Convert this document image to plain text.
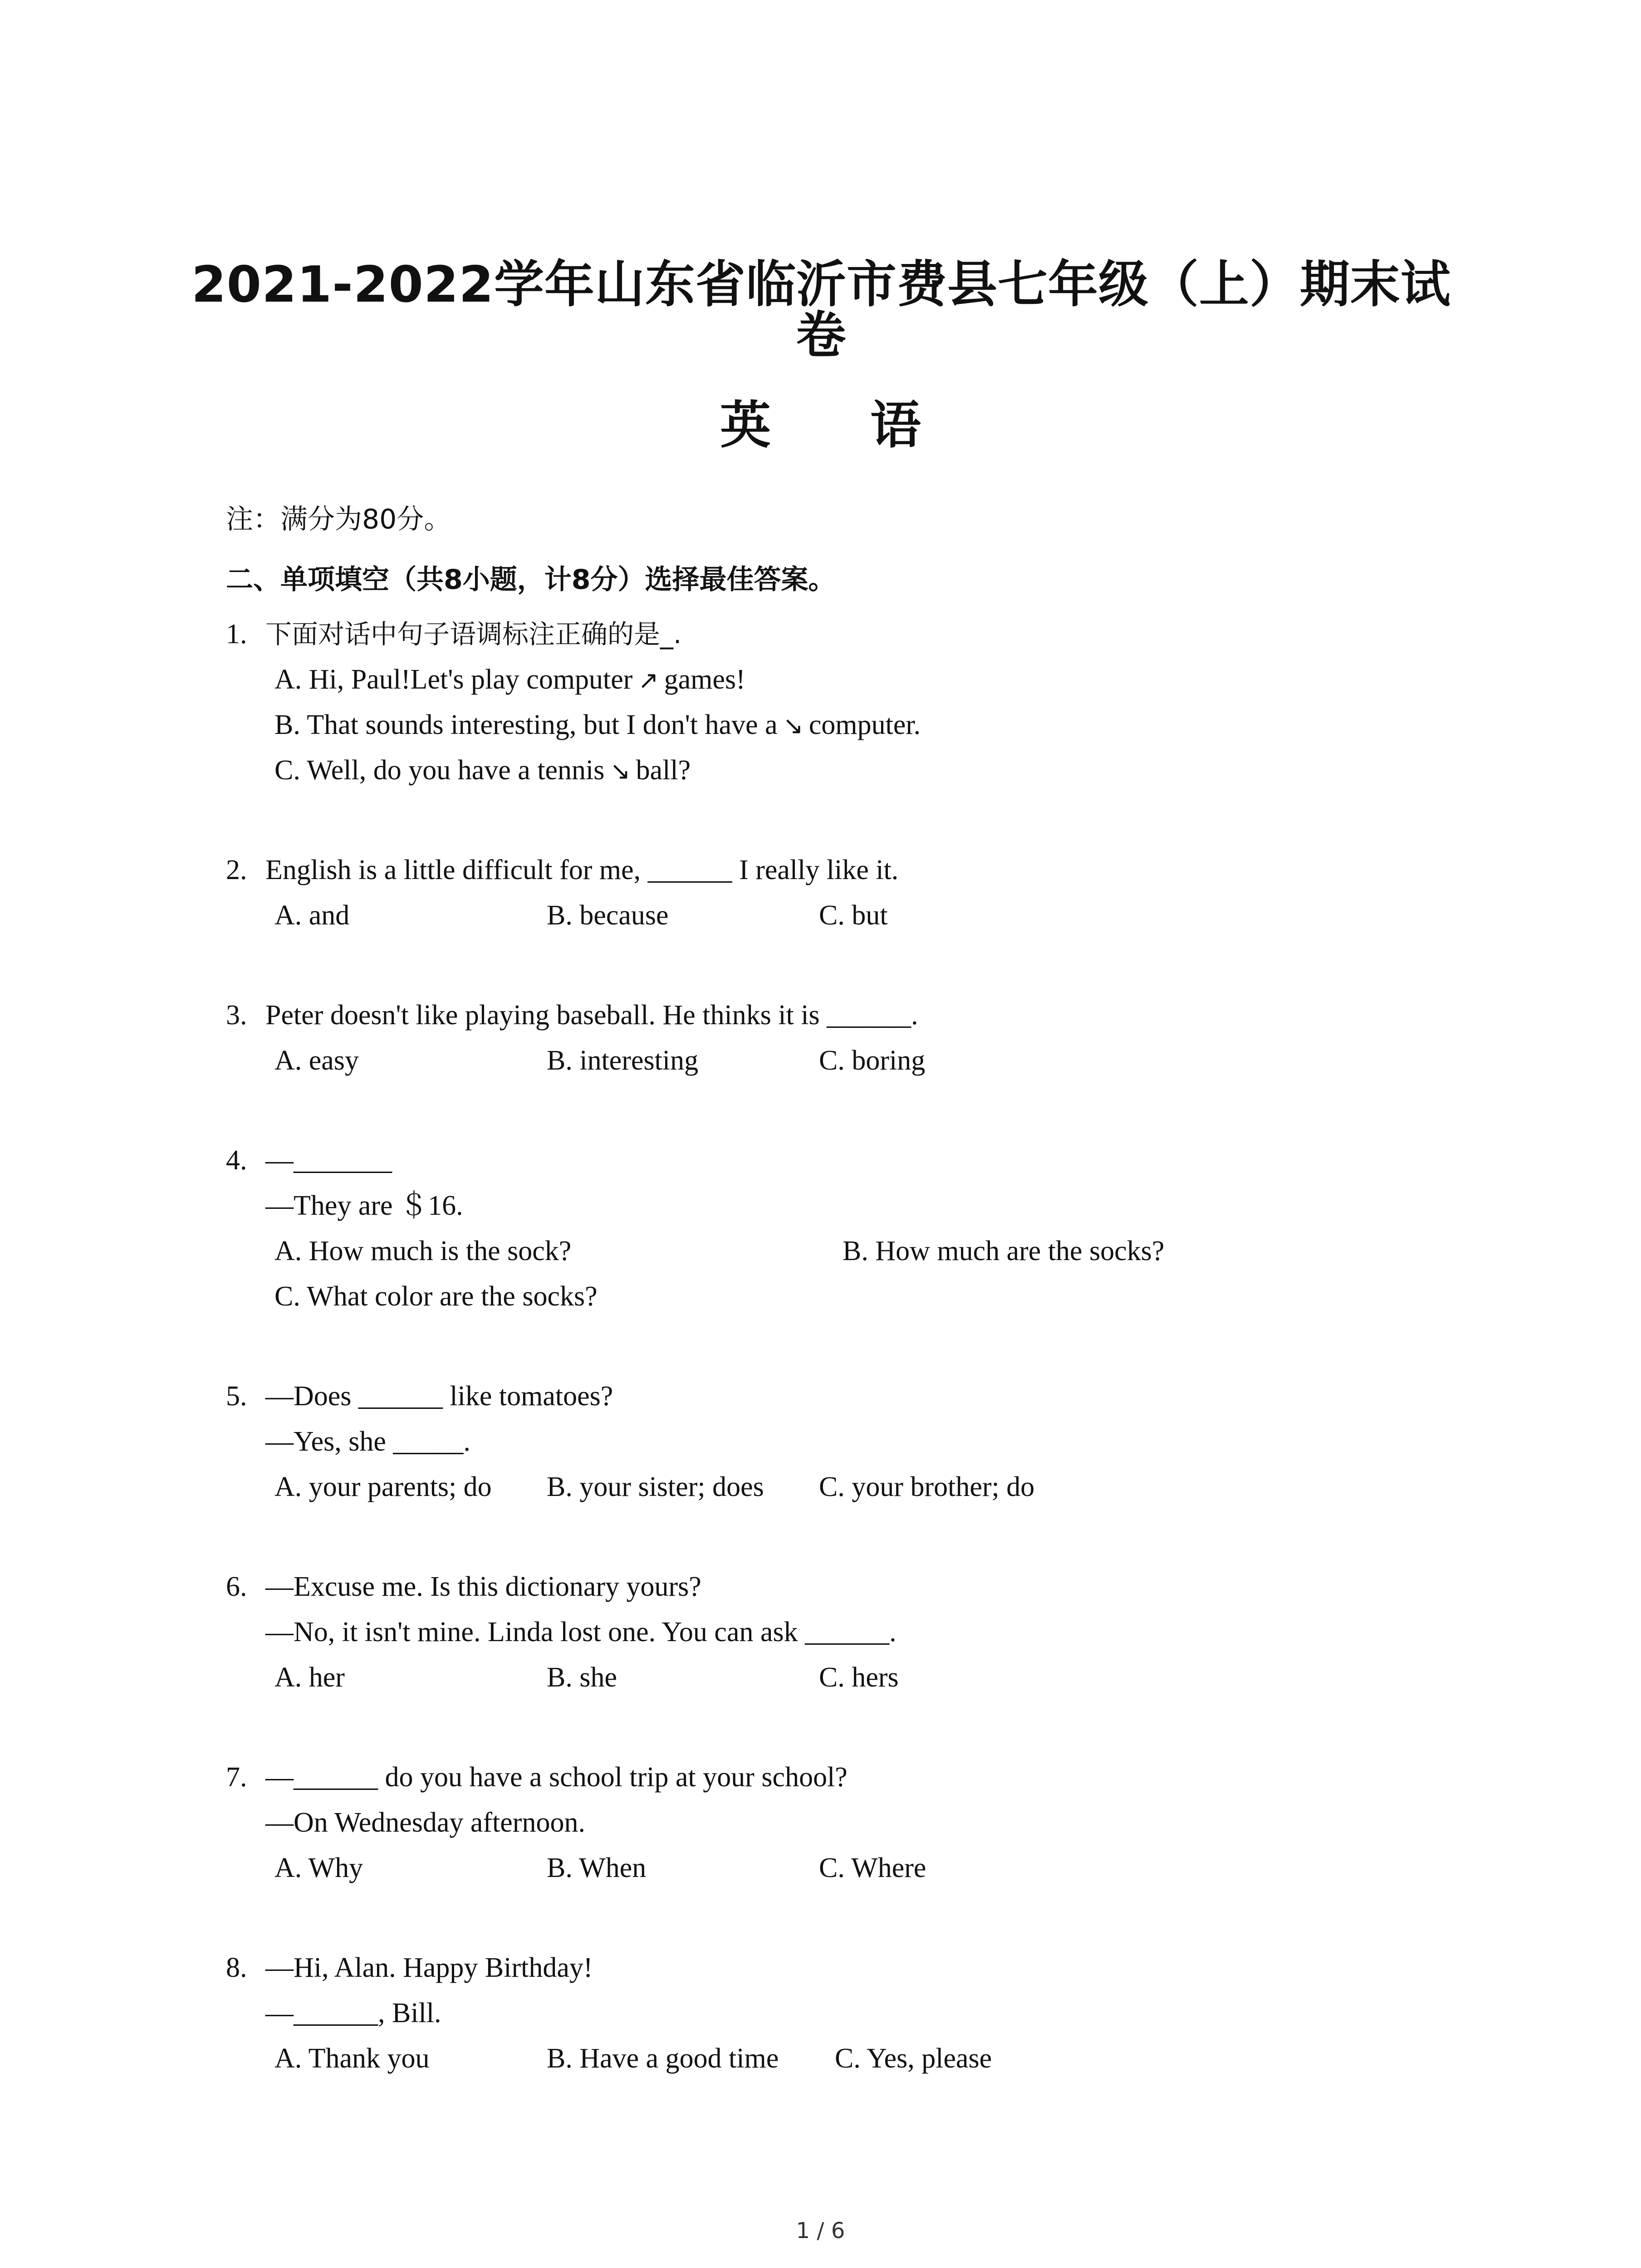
2021-2022学年山东省临沂市费县七年级（上）期末试
卷
英 语
注：满分为80分。
二、单项填空（共8小题，计8分）选择最佳答案。
1. 下面对话中句子语调标注正确的是_.
A. Hi, Paul!Let's play computer ↗ games!
B. That sounds interesting, but I don't have a ↘ computer.
C. Well, do you have a tennis ↘ ball?
2. English is a little difficult for me, ______ I really like it.
A. and	B. because	C. but
3. Peter doesn't like playing baseball. He thinks it is ______.
A. easy	B. interesting	C. boring
4. —_______
—They are ＄16.
A. How much is the sock?	B. How much are the socks?
C. What color are the socks?
5. —Does ______ like tomatoes?
—Yes, she _____.
A. your parents; do B. your sister; does C. your brother; do
6. —Excuse me. Is this dictionary yours?
—No, it isn't mine. Linda lost one. You can ask ______.
A. her	B. she	C. hers
7. —______ do you have a school trip at your school?
—On Wednesday afternoon.
A. Why	B. When	C. Where
8. —Hi, Alan. Happy Birthday!
—______, Bill.
A. Thank you	B. Have a good time C. Yes, please
1 / 6
